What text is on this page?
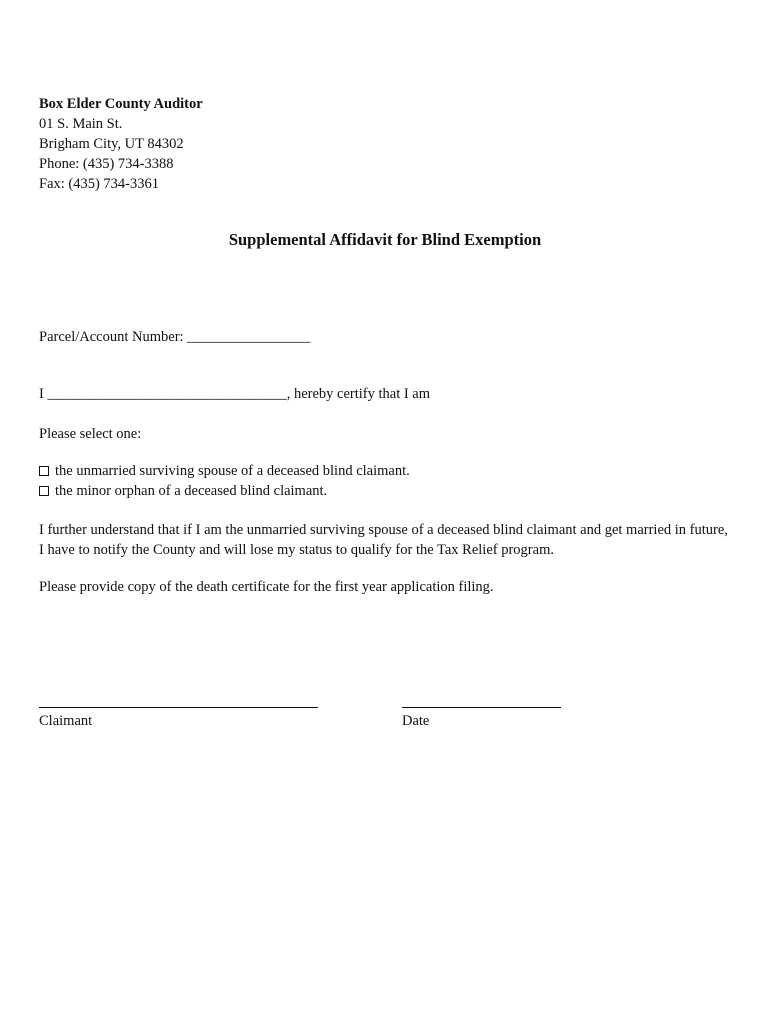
Box Elder County Auditor
01 S. Main St.
Brigham City, UT 84302
Phone: (435) 734-3388
Fax: (435) 734-3361
Supplemental Affidavit for Blind Exemption
Parcel/Account Number: _________________
I _________________________________, hereby certify that I am
Please select one:
the unmarried surviving spouse of a deceased blind claimant.
the minor orphan of a deceased blind claimant.
I further understand that if I am the unmarried surviving spouse of a deceased blind claimant and get married in future, I have to notify the County and will lose my status to qualify for the Tax Relief program.
Please provide copy of the death certificate for the first year application filing.
Claimant	Date
